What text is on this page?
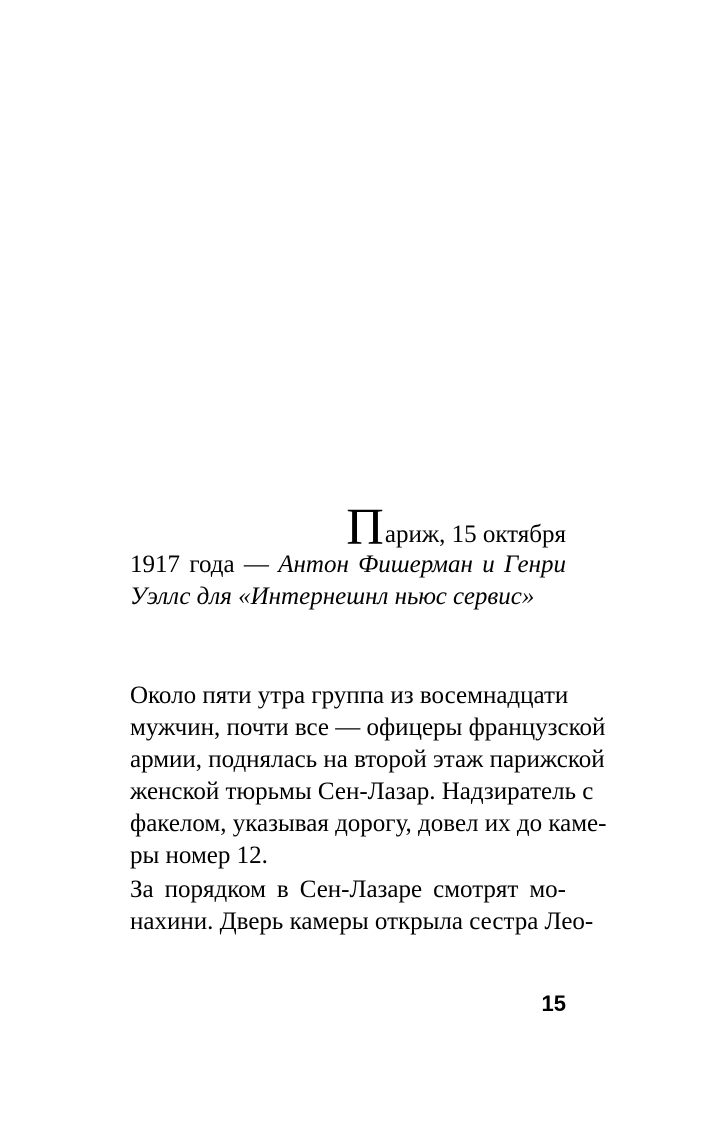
Париж, 15 октября
1917 года — Антон Фишерман и Генри
Уэллс для «Интернешнл ньюс сервис»
Около пяти утра группа из восемнадцати
мужчин, почти все — офицеры французской
армии, поднялась на второй этаж парижской
женской тюрьмы Сен-Лазар. Надзиратель с
факелом, указывая дорогу, довел их до каме-
ры номер 12.
За порядком в Сен-Лазаре смотрят мо-
нахини. Дверь камеры открыла сестра Лео-
15
